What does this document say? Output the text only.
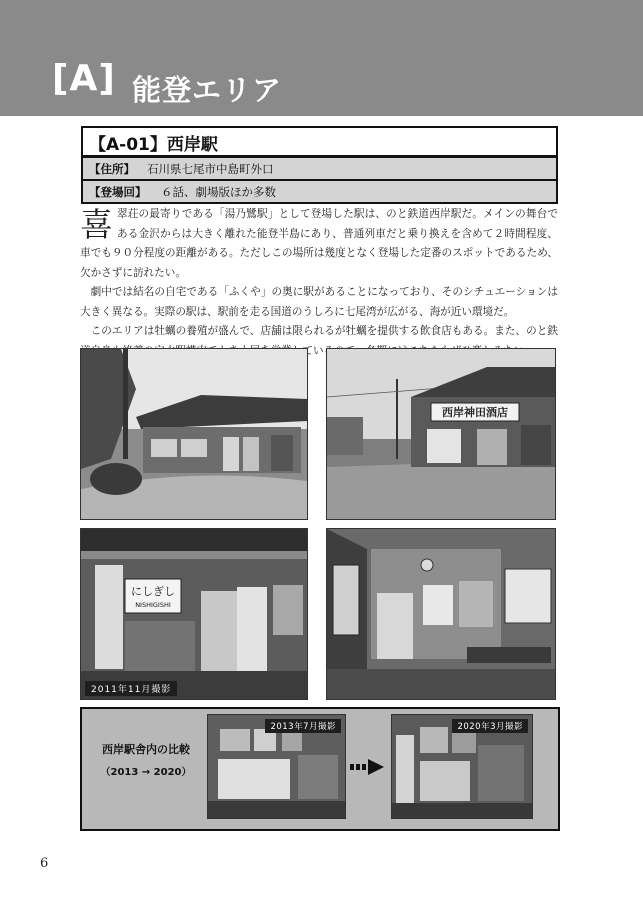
[A] 能登エリア
【A-01】西岸駅
【住所】 石川県七尾市中島町外口
【登場回】 ６話、劇場版ほか多数

喜翠荘の最寄りである「湯乃鷺駅」として登場した駅は、のと鉄道西岸駅だ。メインの舞台である金沢からは大きく離れた能登半島にあり、普通列車だと乗り換えを含めて２時間程度、車でも９０分程度の距離がある。ただしこの場所は幾度となく登場した定番のスポットであるため、欠かさずに訪れたい。

劇中では結名の自宅である「ふくや」の奥に駅があることになっており、そのシチュエーションは大きく異なる。実際の駅は、駅前を走る国道のうしろに七尾湾が広がる、海が近い環境だ。

このエリアは牡蠣の養殖が盛んで、店舗は限られるが牡蠣を提供する飲食店もある。また、のと鉄 てい

西岸神田酒店
にしぎし
NISHIGISHI
2011年11月撮影
西岸駅舎内の比較
（2013 → 2020）
2013年7月撮影	2020年3月撮影
6
